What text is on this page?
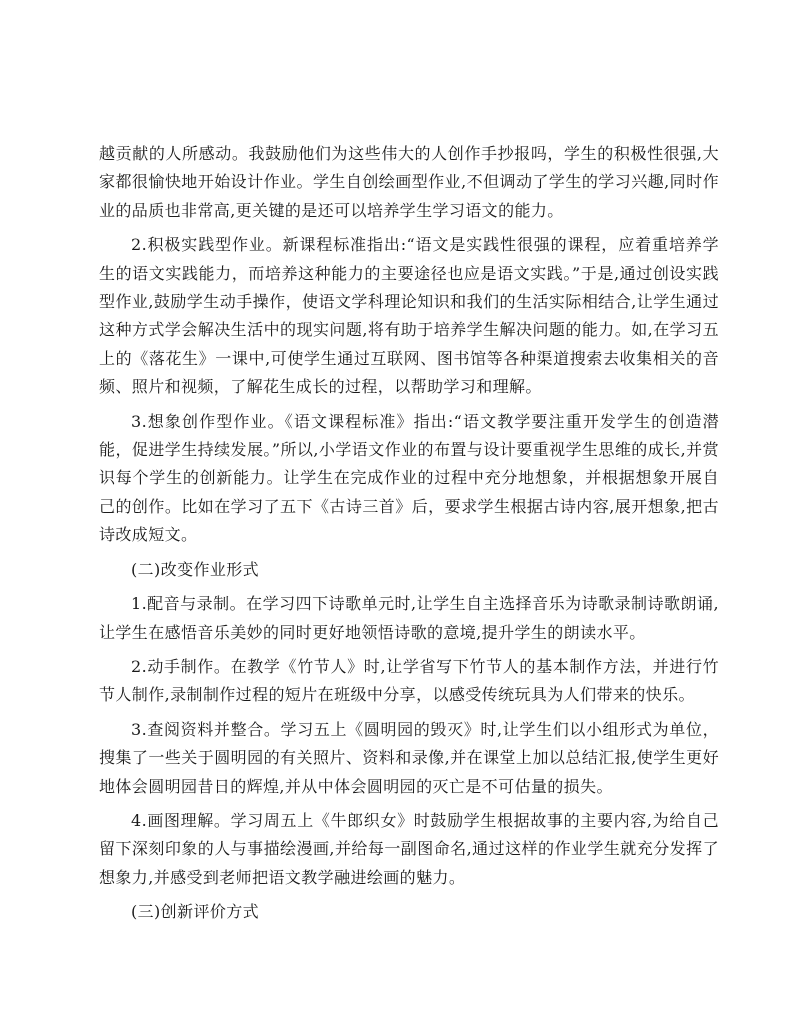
越贡献的人所感动。我鼓励他们为这些伟大的人创作手抄报吗，学生的积极性很强,大家都很愉快地开始设计作业。学生自创绘画型作业,不但调动了学生的学习兴趣,同时作业的品质也非常高,更关键的是还可以培养学生学习语文的能力。

2.积极实践型作业。新课程标准指出:“语文是实践性很强的课程，应着重培养学生的语文实践能力，而培养这种能力的主要途径也应是语文实践。”于是,通过创设实践型作业,鼓励学生动手操作，使语文学科理论知识和我们的生活实际相结合,让学生通过这种方式学会解决生活中的现实问题,将有助于培养学生解决问题的能力。如,在学习五上的《落花生》一课中,可使学生通过互联网、图书馆等各种渠道搜索去收集相关的音频、照片和视频，了解花生成长的过程，以帮助学习和理解。

3.想象创作型作业。《语文课程标准》指出:“语文教学要注重开发学生的创造潜能，促进学生持续发展。”所以,小学语文作业的布置与设计要重视学生思维的成长,并赏识每个学生的创新能力。让学生在完成作业的过程中充分地想象，并根据想象开展自己的创作。比如在学习了五下《古诗三首》后，要求学生根据古诗内容,展开想象,把古诗改成短文。

(二)改变作业形式

1.配音与录制。在学习四下诗歌单元时,让学生自主选择音乐为诗歌录制诗歌朗诵,让学生在感悟音乐美妙的同时更好地领悟诗歌的意境,提升学生的朗读水平。

2.动手制作。在教学《竹节人》时,让学省写下竹节人的基本制作方法，并进行竹节人制作,录制制作过程的短片在班级中分享，以感受传统玩具为人们带来的快乐。

3.查阅资料并整合。学习五上《圆明园的毁灭》时,让学生们以小组形式为单位，搜集了一些关于圆明园的有关照片、资料和录像,并在课堂上加以总结汇报,使学生更好地体会圆明园昔日的辉煌,并从中体会圆明园的灭亡是不可估量的损失。

4.画图理解。学习周五上《牛郎织女》时鼓励学生根据故事的主要内容,为给自己留下深刻印象的人与事描绘漫画,并给每一副图命名,通过这样的作业学生就充分发挥了想象力,并感受到老师把语文教学融进绘画的魅力。

(三)创新评价方式
